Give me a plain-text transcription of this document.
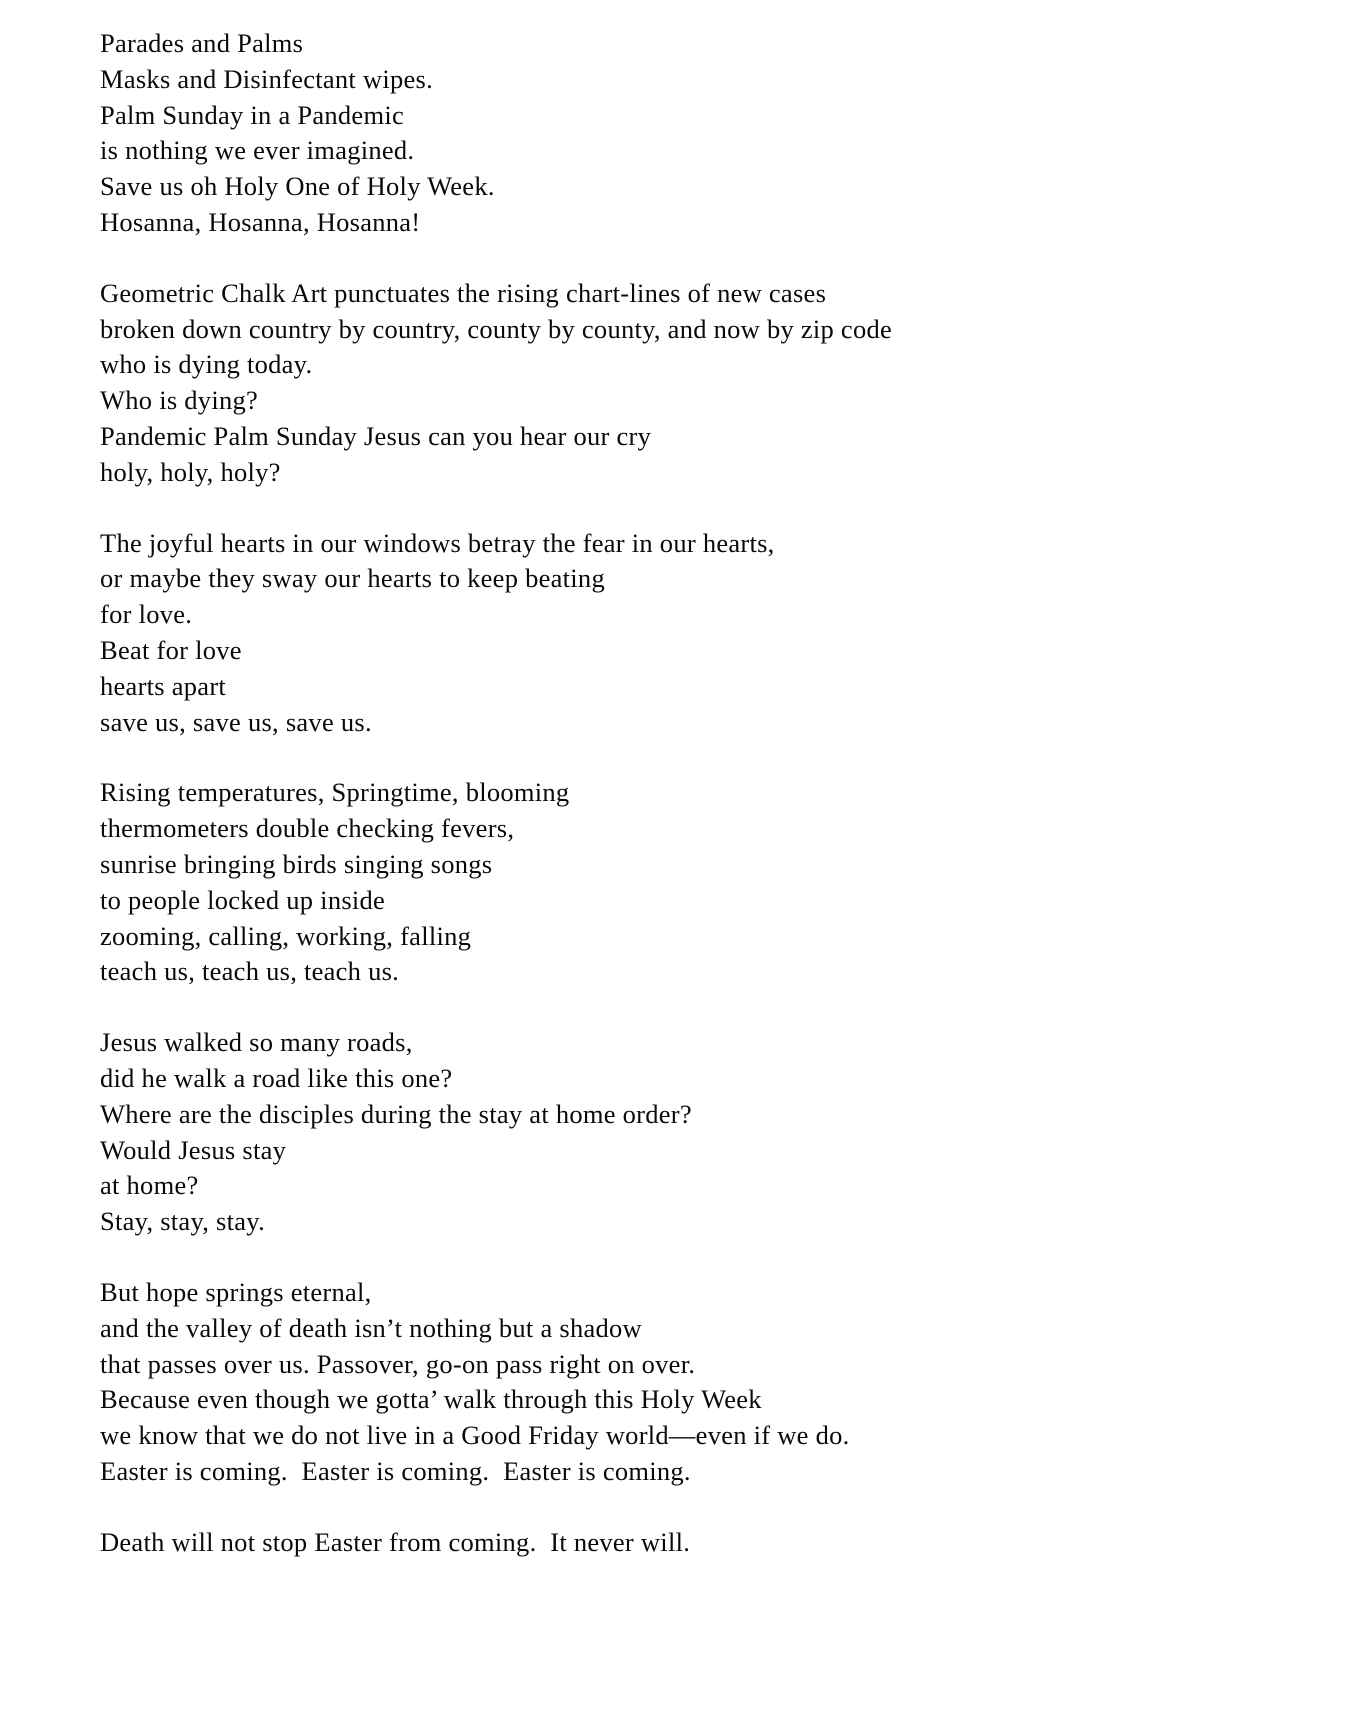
Parades and Palms
Masks and Disinfectant wipes.
Palm Sunday in a Pandemic
is nothing we ever imagined.
Save us oh Holy One of Holy Week.
Hosanna, Hosanna, Hosanna!
Geometric Chalk Art punctuates the rising chart-lines of new cases
broken down country by country, county by county, and now by zip code
who is dying today.
Who is dying?
Pandemic Palm Sunday Jesus can you hear our cry
holy, holy, holy?
The joyful hearts in our windows betray the fear in our hearts,
or maybe they sway our hearts to keep beating
for love.
Beat for love
hearts apart
save us, save us, save us.
Rising temperatures, Springtime, blooming
thermometers double checking fevers,
sunrise bringing birds singing songs
to people locked up inside
zooming, calling, working, falling
teach us, teach us, teach us.
Jesus walked so many roads,
did he walk a road like this one?
Where are the disciples during the stay at home order?
Would Jesus stay
at home?
Stay, stay, stay.
But hope springs eternal,
and the valley of death isn’t nothing but a shadow
that passes over us. Passover, go-on pass right on over.
Because even though we gotta’ walk through this Holy Week
we know that we do not live in a Good Friday world—even if we do.
Easter is coming.  Easter is coming.  Easter is coming.
Death will not stop Easter from coming.  It never will.
